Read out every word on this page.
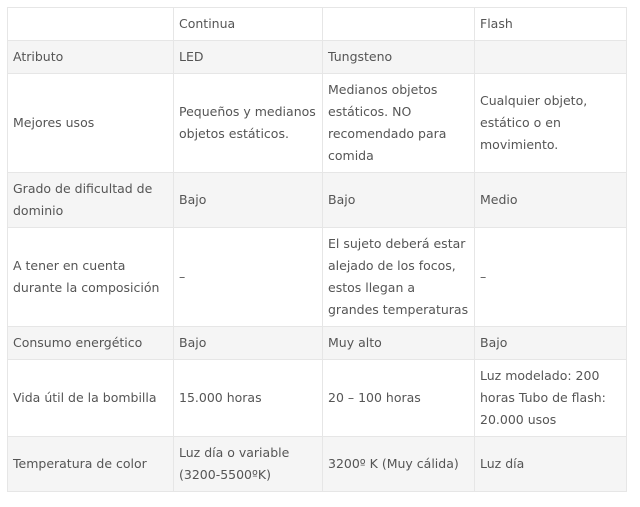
	Continua		Flash
Atributo	LED	Tungsteno	
Mejores usos	Pequeños y medianos objetos estáticos.	Medianos objetos estáticos. NO recomendado para comida	Cualquier objeto, estático o en movimiento.
Grado de dificultad de dominio	Bajo	Bajo	Medio
A tener en cuenta durante la composición	–	El sujeto deberá estar alejado de los focos, estos llegan a grandes temperaturas	–
Consumo energético	Bajo	Muy alto	Bajo
Vida útil de la bombilla	15.000 horas	20 – 100 horas	Luz modelado: 200 horas Tubo de flash: 20.000 usos
Temperatura de color	Luz día o variable (3200-5500ºK)	3200º K (Muy cálida)	Luz día
